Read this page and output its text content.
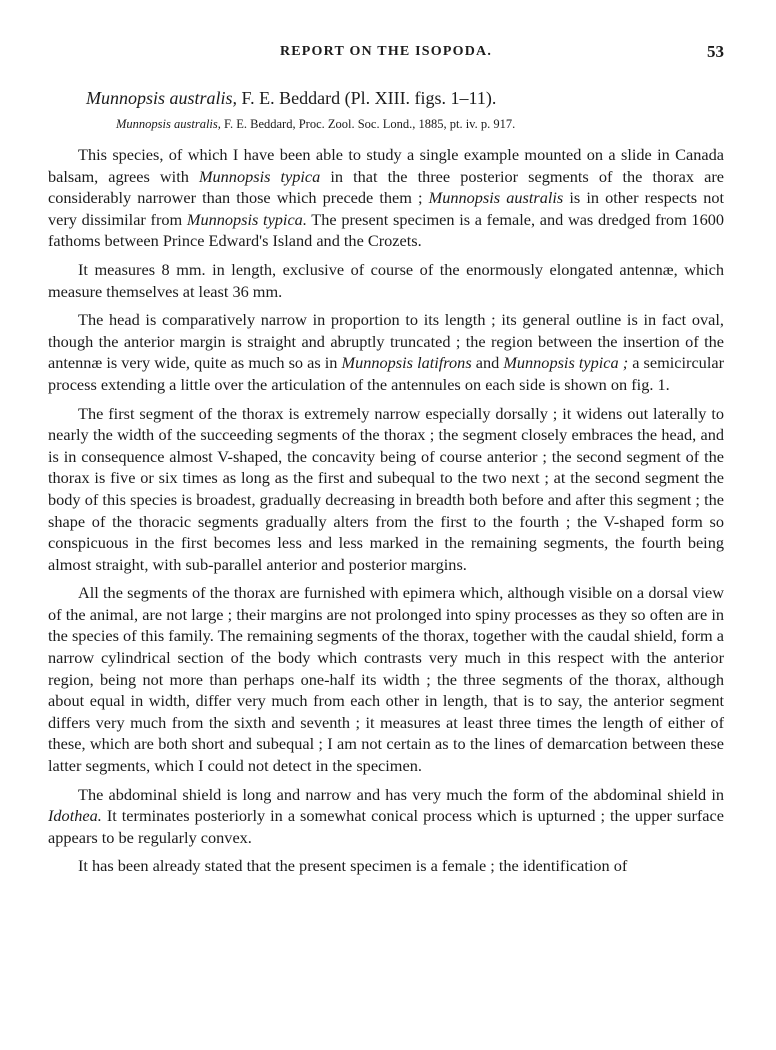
REPORT ON THE ISOPODA.	53
Munnopsis australis, F. E. Beddard (Pl. XIII. figs. 1–11).
Munnopsis australis, F. E. Beddard, Proc. Zool. Soc. Lond., 1885, pt. iv. p. 917.

This species, of which I have been able to study a single example mounted on a slide in Canada balsam, agrees with Munnopsis typica in that the three posterior segments of the thorax are considerably narrower than those which precede them ; Munnopsis australis is in other respects not very dissimilar from Munnopsis typica. The present specimen is a female, and was dredged from 1600 fathoms between Prince Edward's Island and the Crozets.

It measures 8 mm. in length, exclusive of course of the enormously elongated antennæ, which measure themselves at least 36 mm.

The head is comparatively narrow in proportion to its length ; its general outline is in fact oval, though the anterior margin is straight and abruptly truncated ; the region between the insertion of the antennæ is very wide, quite as much so as in Munnopsis latifrons and Munnopsis typica ; a semicircular process extending a little over the articulation of the antennules on each side is shown on fig. 1.

The first segment of the thorax is extremely narrow especially dorsally ; it widens out laterally to nearly the width of the succeeding segments of the thorax ; the segment closely embraces the head, and is in consequence almost V-shaped, the concavity being of course anterior ; the second segment of the thorax is five or six times as long as the first and subequal to the two next ; at the second segment the body of this species is broadest, gradually decreasing in breadth both before and after this segment ; the shape of the thoracic segments gradually alters from the first to the fourth ; the V-shaped form so conspicuous in the first becomes less and less marked in the remaining segments, the fourth being almost straight, with sub-parallel anterior and posterior margins.

All the segments of the thorax are furnished with epimera which, although visible on a dorsal view of the animal, are not large ; their margins are not prolonged into spiny processes as they so often are in the species of this family. The remaining segments of the thorax, together with the caudal shield, form a narrow cylindrical section of the body which contrasts very much in this respect with the anterior region, being not more than perhaps one-half its width ; the three segments of the thorax, although about equal in width, differ very much from each other in length, that is to say, the anterior segment differs very much from the sixth and seventh ; it measures at least three times the length of either of these, which are both short and subequal ; I am not certain as to the lines of demarcation between these latter segments, which I could not detect in the specimen.

The abdominal shield is long and narrow and has very much the form of the abdominal shield in Idothea. It terminates posteriorly in a somewhat conical process which is upturned ; the upper surface appears to be regularly convex.

It has been already stated that the present specimen is a female ; the identification of
